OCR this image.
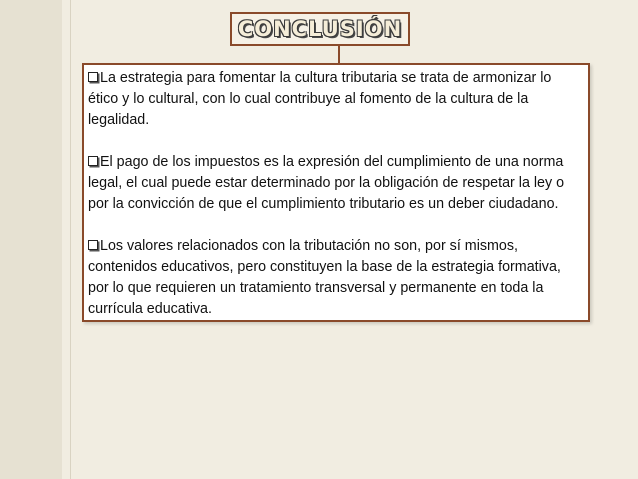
CONCLUSIÓN

La estrategia para fomentar la cultura tributaria se trata de armonizar lo ético y lo cultural, con lo cual contribuye al fomento de la cultura de la legalidad.

El pago de los impuestos es la expresión del cumplimiento de una norma legal, el cual puede estar determinado por la obligación de respetar la ley o por la convicción de que el cumplimiento tributario es un deber ciudadano.

Los valores relacionados con la tributación no son, por sí mismos, contenidos educativos, pero constituyen la base de la estrategia formativa, por lo que requieren un tratamiento transversal y permanente en toda la currícula educativa.
